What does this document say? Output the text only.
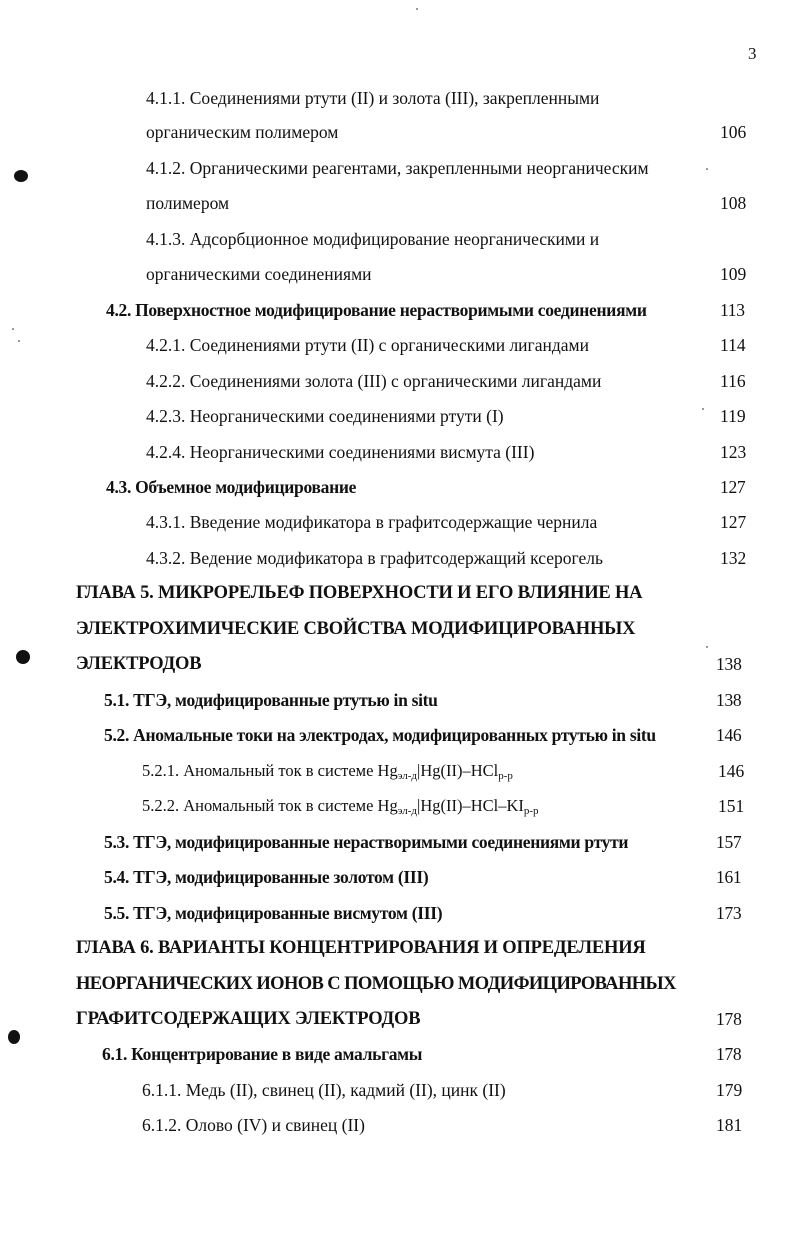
3
4.1.1. Соединениями ртути (II) и золота (III), закрепленными
органическим полимером	106
4.1.2. Органическими реагентами, закрепленными неорганическим
полимером	108
4.1.3. Адсорбционное модифицирование неорганическими и
органическими соединениями	109
4.2. Поверхностное модифицирование нерастворимыми соединениями	113
4.2.1. Соединениями ртути (II) с органическими лигандами	114
4.2.2. Соединениями золота (III) с органическими лигандами	116
4.2.3. Неорганическими соединениями ртути (I)	119
4.2.4. Неорганическими соединениями висмута (III)	123
4.3. Объемное модифицирование	127
4.3.1. Введение модификатора в графитсодержащие чернила	127
4.3.2. Ведение модификатора в графитсодержащий ксерогель	132
ГЛАВА 5. МИКРОРЕЛЬЕФ ПОВЕРХНОСТИ И ЕГО ВЛИЯНИЕ НА
ЭЛЕКТРОХИМИЧЕСКИЕ СВОЙСТВА МОДИФИЦИРОВАННЫХ
ЭЛЕКТРОДОВ	138
5.1. ТГЭ, модифицированные ртутью in situ	138
5.2. Аномальные токи на электродах, модифицированных ртутью in situ	146
5.2.1. Аномальный ток в системе $Hg_{эл-д}|Hg(II)-HCl_{р-р}$	146
5.2.2. Аномальный ток в системе $Hg_{эл-д}|Hg(II)-HCl-KI_{р-р}$	151
5.3. ТГЭ, модифицированные нерастворимыми соединениями ртути	157
5.4. ТГЭ, модифицированные золотом (III)	161
5.5. ТГЭ, модифицированные висмутом (III)	173
ГЛАВА 6. ВАРИАНТЫ КОНЦЕНТРИРОВАНИЯ И ОПРЕДЕЛЕНИЯ
НЕОРГАНИЧЕСКИХ ИОНОВ С ПОМОЩЬЮ МОДИФИЦИРОВАННЫХ
ГРАФИТСОДЕРЖАЩИХ ЭЛЕКТРОДОВ	178
6.1. Концентрирование в виде амальгамы	178
6.1.1. Медь (II), свинец (II), кадмий (II), цинк (II)	179
6.1.2. Олово (IV) и свинец (II)	181
